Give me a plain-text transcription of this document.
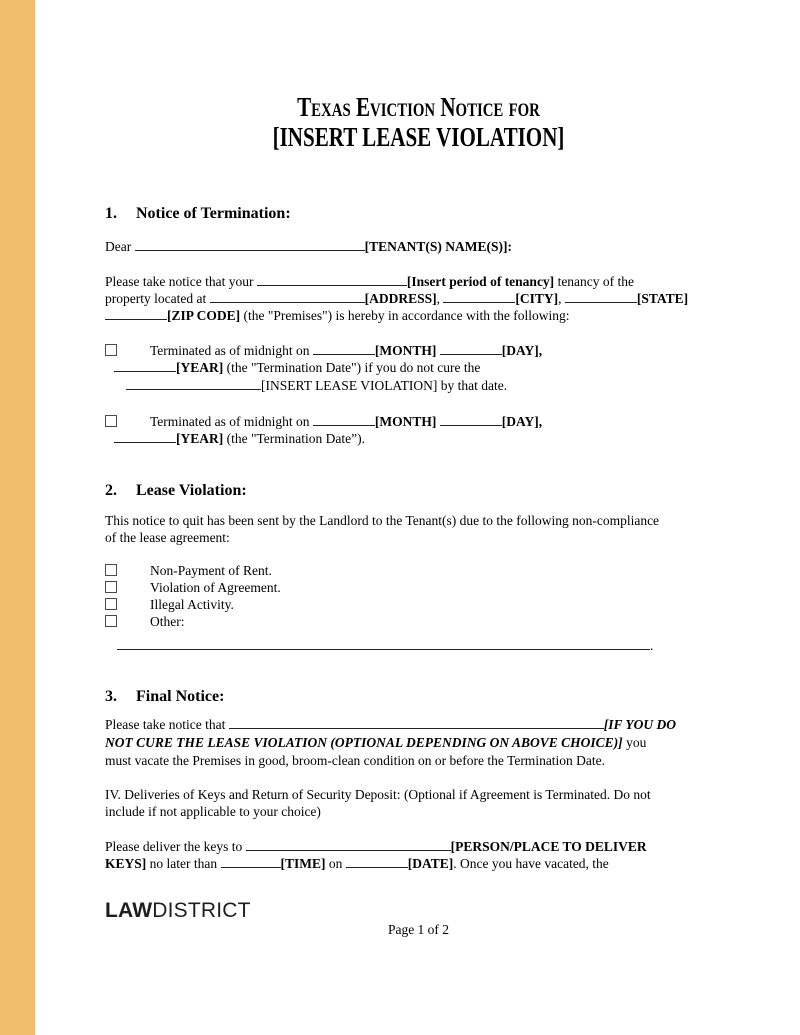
Texas Eviction Notice for
[INSERT LEASE VIOLATION]
1. Notice of Termination:
Dear	[TENANT(S) NAME(S)]:
Please take notice that your	[Insert period of tenancy] tenancy of the
property located at	[ADDRESS],	[CITY],	[STATE]
[ZIP CODE] (the "Premises") is hereby in accordance with the following:
Terminated as of midnight on	[MONTH]	[DAY],
[YEAR] (the "Termination Date") if you do not cure the
[INSERT LEASE VIOLATION] by that date.
Terminated as of midnight on	[MONTH]	[DAY],
[YEAR] (the "Termination Date”).
2. Lease Violation:
This notice to quit has been sent by the Landlord to the Tenant(s) due to the following non-compliance
of the lease agreement:
Non-Payment of Rent.
Violation of Agreement.
Illegal Activity.
Other:
.
3. Final Notice:
Please take notice that	[IF YOU DO
NOT CURE THE LEASE VIOLATION (OPTIONAL DEPENDING ON ABOVE CHOICE)] you
must vacate the Premises in good, broom-clean condition on or before the Termination Date.
IV. Deliveries of Keys and Return of Security Deposit: (Optional if Agreement is Terminated. Do not
include if not applicable to your choice)
Please deliver the keys to	[PERSON/PLACE TO DELIVER
KEYS] no later than	[TIME] on	[DATE]. Once you have vacated, the
LAWDISTRICT
Page 1 of 2
